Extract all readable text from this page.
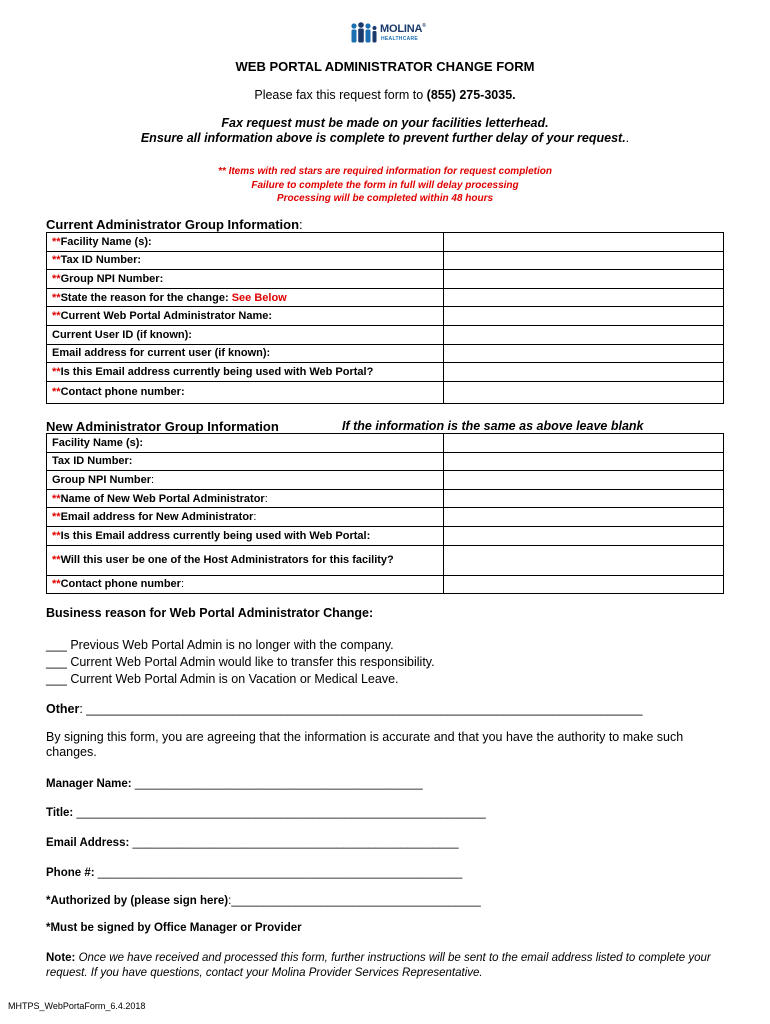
MOLINA®
HEALTHCARE
WEB PORTAL ADMINISTRATOR CHANGE FORM
Please fax this request form to (855) 275-3035.
Fax request must be made on your facilities letterhead.
Ensure all information above is complete to prevent further delay of your request..
** Items with red stars are required information for request completion
Failure to complete the form in full will delay processing
Processing will be completed within 48 hours
Current Administrator Group Information:
**Facility Name (s):	
**Tax ID Number:	
**Group NPI Number:	
**State the reason for the change: See Below	
**Current Web Portal Administrator Name:	
Current User ID (if known):	
Email address for current user (if known):	
**Is this Email address currently being used with Web Portal?	
**Contact phone number:	
New Administrator Group Information	If the information is the same as above leave blank
Facility Name (s):	
Tax ID Number:	
Group NPI Number:	
**Name of New Web Portal Administrator:	
**Email address for New Administrator:	
**Is this Email address currently being used with Web Portal:	
**Will this user be one of the Host Administrators for this facility?	
**Contact phone number:	
Business reason for Web Portal Administrator Change:
___ Previous Web Portal Admin is no longer with the company.
___ Current Web Portal Admin would like to transfer this responsibility.
___ Current Web Portal Admin is on Vacation or Medical Leave.
Other: ________________________________________________________________________________
By signing this form, you are agreeing that the information is accurate and that you have the authority to make such changes.
Manager Name: _____________________________________________
Title: ________________________________________________________________
Email Address: ___________________________________________________
Phone #: _________________________________________________________
*Authorized by (please sign here):_______________________________________
*Must be signed by Office Manager or Provider
Note: Once we have received and processed this form, further instructions will be sent to the email address listed to complete your request. If you have questions, contact your Molina Provider Services Representative.
MHTPS_WebPortaForm_6.4.2018
